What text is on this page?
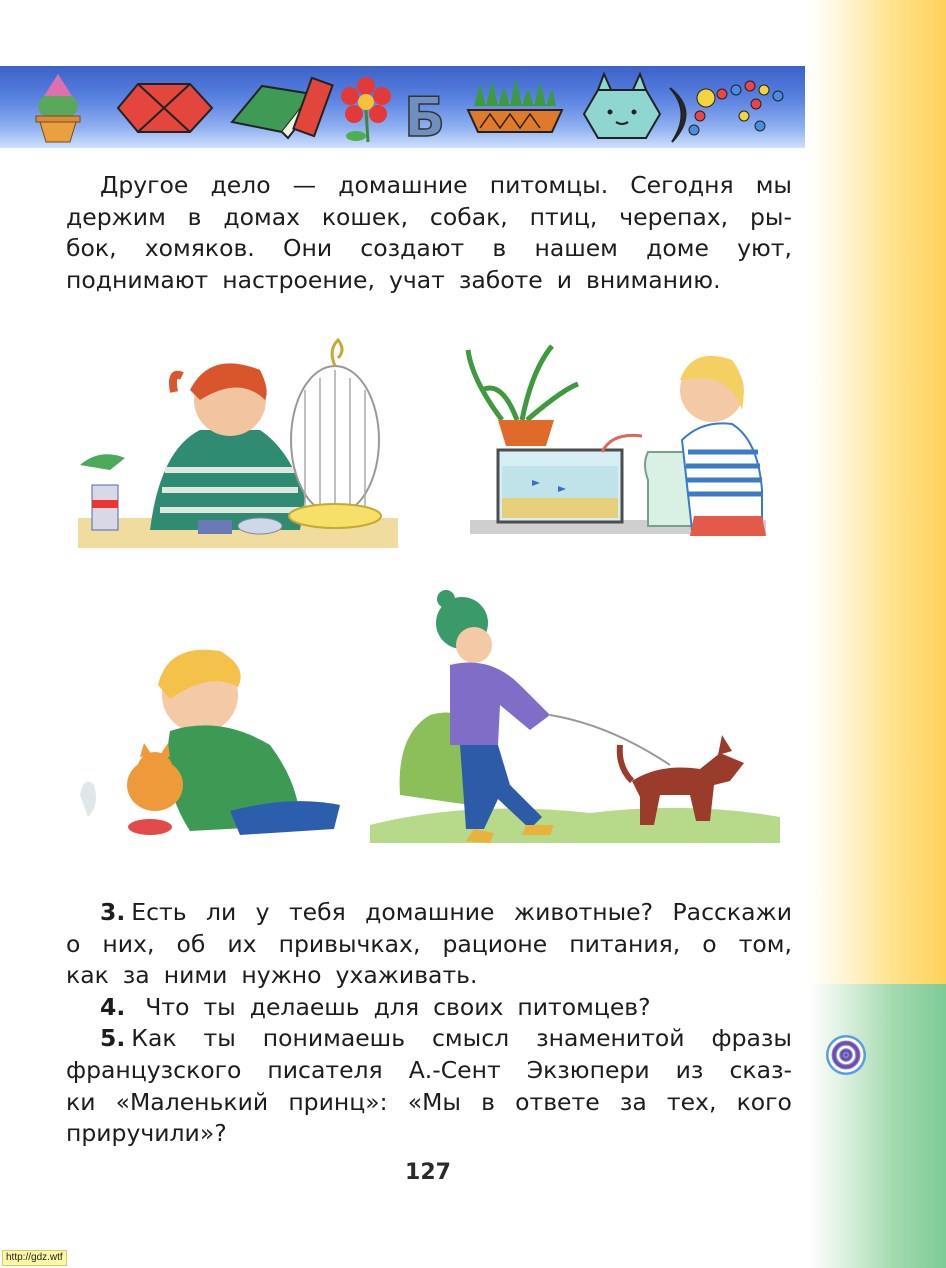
Б
Другое дело — домашние питомцы. Сегодня мы
держим в домах кошек, собак, птиц, черепах, ры-
бок, хомяков. Они создают в нашем доме уют,
поднимают настроение, учат заботе и вниманию.
3. Есть ли у тебя домашние животные? Расскажи
о них, об их привычках, рационе питания, о том,
как за ними нужно ухаживать.
4. Что ты делаешь для своих питомцев?
5. Как ты понимаешь смысл знаменитой фразы
французского писателя А.-Сент Экзюпери из сказ-
ки «Маленький принц»: «Мы в ответе за тех, кого
приручили»?
127
http://gdz.wtf
